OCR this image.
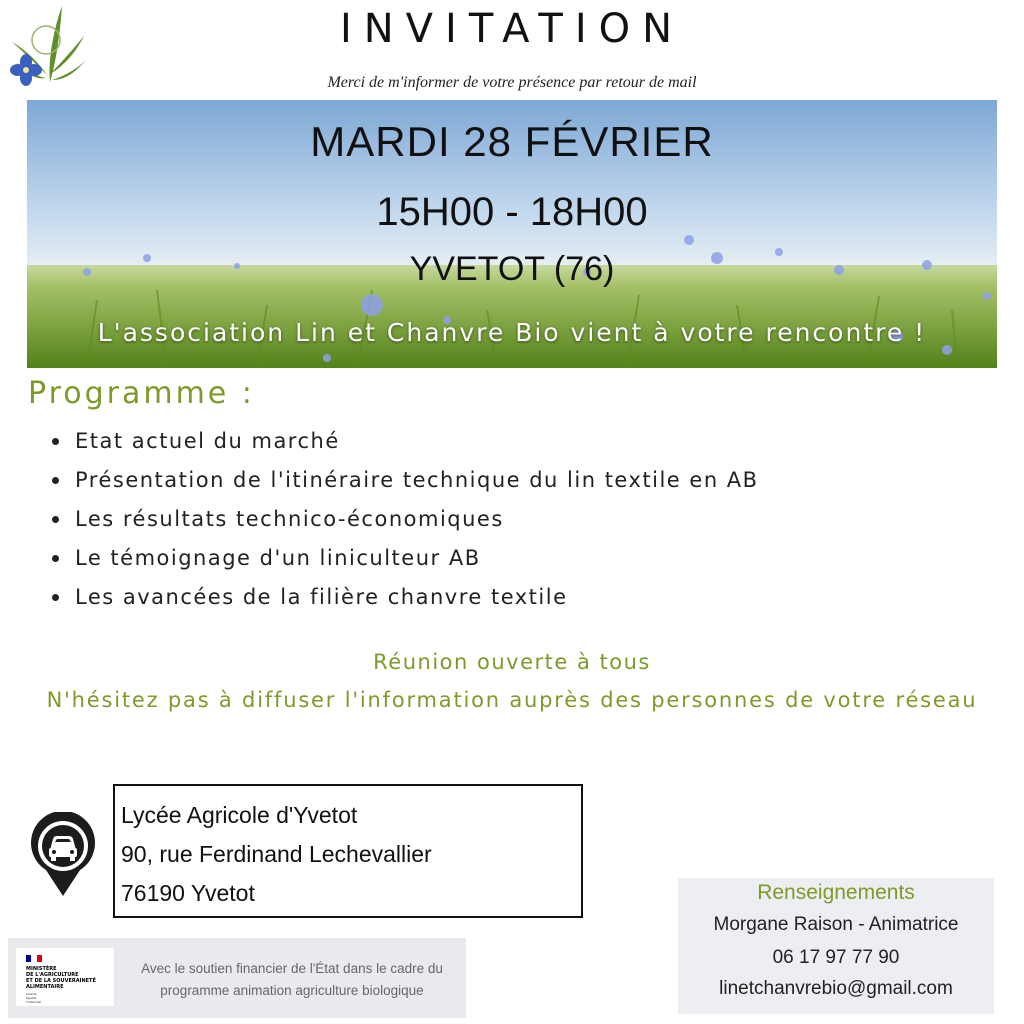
INVITATION
Merci de m'informer de votre présence par retour de mail
MARDI 28 FÉVRIER
15H00 - 18H00
YVETOT (76)
L'association Lin et Chanvre Bio vient à votre rencontre !
Programme :
Etat actuel du marché
Présentation de l'itinéraire technique du lin textile en AB
Les résultats technico-économiques
Le témoignage d'un liniculteur AB
Les avancées de la filière chanvre textile
Réunion ouverte à tous
N'hésitez pas à diffuser l'information auprès des personnes de votre réseau
Lycée Agricole d'Yvetot
90, rue Ferdinand Lechevallier
76190 Yvetot	Renseignements
Morgane Raison - Animatrice
06 17 97 77 90
linetchanvrebio@gmail.com
MINISTÈRE
DE L'AGRICULTURE
ET DE LA SOUVERAINETÉ
ALIMENTAIRE
Liberté
Égalité
Fraternité
Avec le soutien financier de l'État dans le cadre du
programme animation agriculture biologique
